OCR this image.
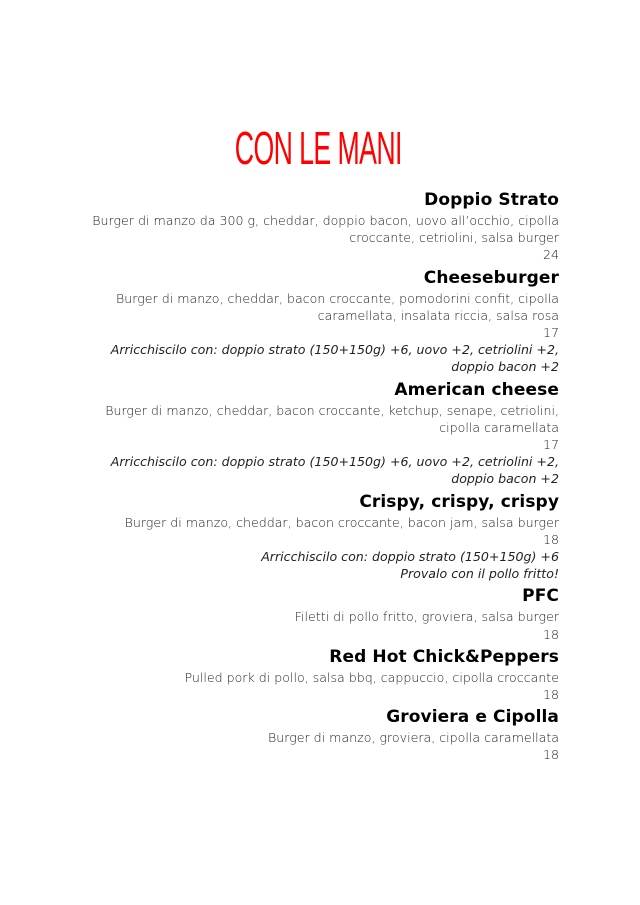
CON LE MANI
Doppio Strato
Burger di manzo da 300 g, cheddar, doppio bacon, uovo all’occhio, cipolla croccante, cetriolini, salsa burger
24
Cheeseburger
Burger di manzo, cheddar, bacon croccante, pomodorini confit, cipolla caramellata, insalata riccia, salsa rosa
17
Arricchiscilo con: doppio strato (150+150g) +6, uovo +2, cetriolini +2, doppio bacon +2
American cheese
Burger di manzo, cheddar, bacon croccante, ketchup, senape, cetriolini, cipolla caramellata
17
Arricchiscilo con: doppio strato (150+150g) +6, uovo +2, cetriolini +2, doppio bacon +2
Crispy, crispy, crispy
Burger di manzo, cheddar, bacon croccante, bacon jam, salsa burger
18
Arricchiscilo con: doppio strato (150+150g) +6
Provalo con il pollo fritto!
PFC
Filetti di pollo fritto, groviera, salsa burger
18
Red Hot Chick&Peppers
Pulled pork di pollo, salsa bbq, cappuccio, cipolla croccante
18
Groviera e Cipolla
Burger di manzo, groviera, cipolla caramellata
18
